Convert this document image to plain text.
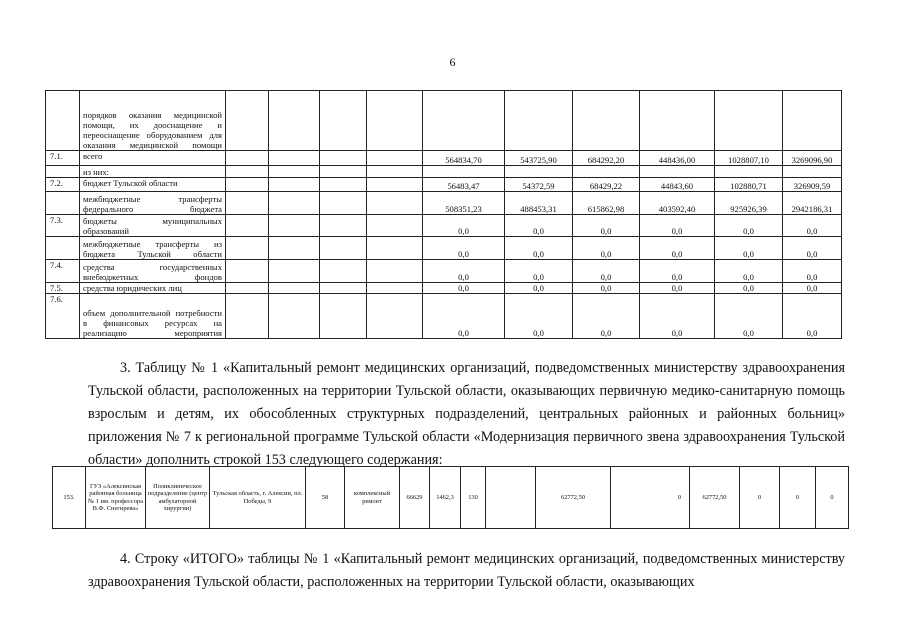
6
	порядков оказания медицинской помощи, их дооснащение и переоснащение оборудованием для оказания медицинской помощи										
7.1.	всего					564834,70	543725,90	684292,20	448436,00	1028807,10	3269096,90
	из них:										
7.2.	бюджет Тульской области					56483,47	54372,59	68429,22	44843,60	102880,71	326909,59
	межбюджетные трансферты федерального бюджета					508351,23	488453,31	615862,98	403592,40	925926,39	2942186,31
7.3.	бюджеты муниципальных образований					0,0	0,0	0,0	0,0	0,0	0,0
	межбюджетные трансферты из бюджета Тульской области					0,0	0,0	0,0	0,0	0,0	0,0
7.4.	средства государственных внебюджетных фондов					0,0	0,0	0,0	0,0	0,0	0,0
7.5.	средства юридических лиц					0,0	0,0	0,0	0,0	0,0	0,0
7.6.	объем дополнительной потребности в финансовых ресурсах на реализацию мероприятия					0,0	0,0	0,0	0,0	0,0	0,0
3. Таблицу № 1 «Капитальный ремонт медицинских организаций, подведомственных министерству здравоохранения Тульской области, расположенных на территории Тульской области, оказывающих первичную медико-санитарную помощь взрослым и детям, их обособленных структурных подразделений, центральных районных и районных больниц» приложения № 7 к региональной программе Тульской области «Модернизация первичного звена здравоохранения Тульской области» дополнить строкой 153 следующего содержания:
153.	ГУЗ «Алексинская районная больница № 1 им. профессора В.Ф. Снегирева»	Поликлиническое подразделение (центр амбулаторной хирургии)	Тульская область, г. Алексин, пл. Победы, 9	58	комплексный ремонт	66629	1462,3	130		62772,50	0	62772,50	0	0	0
4. Строку «ИТОГО» таблицы № 1 «Капитальный ремонт медицинских организаций, подведомственных министерству здравоохранения Тульской области, расположенных на территории Тульской области, оказывающих
